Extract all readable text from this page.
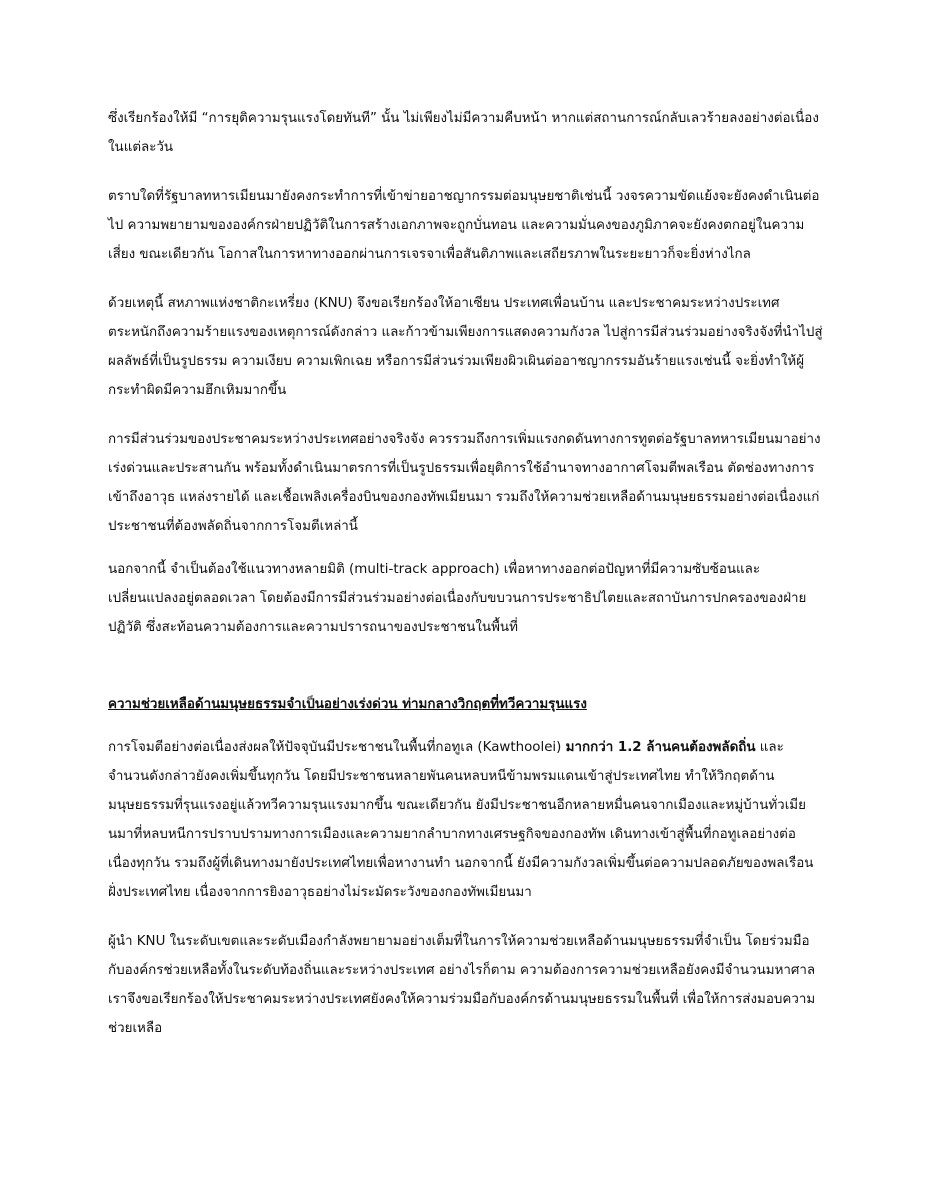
ซึ่งเรียกร้องให้มี “การยุติความรุนแรงโดยทันที” นั้น ไม่เพียงไม่มีความคืบหน้า หากแต่สถานการณ์กลับเลวร้ายลงอย่างต่อเนื่องในแต่ละวัน

ตราบใดที่รัฐบาลทหารเมียนมายังคงกระทำการที่เข้าข่ายอาชญากรรมต่อมนุษยชาติเช่นนี้ วงจรความขัดแย้งจะยังคงดำเนินต่อไป ความพยายามขององค์กรฝ่ายปฏิวัติในการสร้างเอกภาพจะถูกบั่นทอน และความมั่นคงของภูมิภาคจะยังคงตกอยู่ในความเสี่ยง ขณะเดียวกัน โอกาสในการหาทางออกผ่านการเจรจาเพื่อสันติภาพและเสถียรภาพในระยะยาวก็จะยิ่งห่างไกล

ด้วยเหตุนี้ สหภาพแห่งชาติกะเหรี่ยง (KNU) จึงขอเรียกร้องให้อาเซียน ประเทศเพื่อนบ้าน และประชาคมระหว่างประเทศ ตระหนักถึงความร้ายแรงของเหตุการณ์ดังกล่าว และก้าวข้ามเพียงการแสดงความกังวล ไปสู่การมีส่วนร่วมอย่างจริงจังที่นำไปสู่ผลลัพธ์ที่เป็นรูปธรรม ความเงียบ ความเพิกเฉย หรือการมีส่วนร่วมเพียงผิวเผินต่ออาชญากรรมอันร้ายแรงเช่นนี้ จะยิ่งทำให้ผู้กระทำผิดมีความฮึกเหิมมากขึ้น

การมีส่วนร่วมของประชาคมระหว่างประเทศอย่างจริงจัง ควรรวมถึงการเพิ่มแรงกดดันทางการทูตต่อรัฐบาลทหารเมียนมาอย่างเร่งด่วนและประสานกัน พร้อมทั้งดำเนินมาตรการที่เป็นรูปธรรมเพื่อยุติการใช้อำนาจทางอากาศโจมตีพลเรือน ตัดช่องทางการเข้าถึงอาวุธ แหล่งรายได้ และเชื้อเพลิงเครื่องบินของกองทัพเมียนมา รวมถึงให้ความช่วยเหลือด้านมนุษยธรรมอย่างต่อเนื่องแก่ประชาชนที่ต้องพลัดถิ่นจากการโจมตีเหล่านี้

นอกจากนี้ จำเป็นต้องใช้แนวทางหลายมิติ (multi-track approach) เพื่อหาทางออกต่อปัญหาที่มีความซับซ้อนและเปลี่ยนแปลงอยู่ตลอดเวลา โดยต้องมีการมีส่วนร่วมอย่างต่อเนื่องกับขบวนการประชาธิปไตยและสถาบันการปกครองของฝ่ายปฏิวัติ ซึ่งสะท้อนความต้องการและความปรารถนาของประชาชนในพื้นที่

ความช่วยเหลือด้านมนุษยธรรมจำเป็นอย่างเร่งด่วน ท่ามกลางวิกฤตที่ทวีความรุนแรง

การโจมตีอย่างต่อเนื่องส่งผลให้ปัจจุบันมีประชาชนในพื้นที่กอทูเล (Kawthoolei) มากกว่า 1.2 ล้านคนต้องพลัดถิ่น และจำนวนดังกล่าวยังคงเพิ่มขึ้นทุกวัน โดยมีประชาชนหลายพันคนหลบหนีข้ามพรมแดนเข้าสู่ประเทศไทย ทำให้วิกฤตด้านมนุษยธรรมที่รุนแรงอยู่แล้วทวีความรุนแรงมากขึ้น ขณะเดียวกัน ยังมีประชาชนอีกหลายหมื่นคนจากเมืองและหมู่บ้านทั่วเมียนมาที่หลบหนีการปราบปรามทางการเมืองและความยากลำบากทางเศรษฐกิจของกองทัพ เดินทางเข้าสู่พื้นที่กอทูเลอย่างต่อเนื่องทุกวัน รวมถึงผู้ที่เดินทางมายังประเทศไทยเพื่อหางานทำ นอกจากนี้ ยังมีความกังวลเพิ่มขึ้นต่อความปลอดภัยของพลเรือนฝั่งประเทศไทย เนื่องจากการยิงอาวุธอย่างไม่ระมัดระวังของกองทัพเมียนมา

ผู้นำ KNU ในระดับเขตและระดับเมืองกำลังพยายามอย่างเต็มที่ในการให้ความช่วยเหลือด้านมนุษยธรรมที่จำเป็น โดยร่วมมือกับองค์กรช่วยเหลือทั้งในระดับท้องถิ่นและระหว่างประเทศ อย่างไรก็ตาม ความต้องการความช่วยเหลือยังคงมีจำนวนมหาศาล เราจึงขอเรียกร้องให้ประชาคมระหว่างประเทศยังคงให้ความร่วมมือกับองค์กรด้านมนุษยธรรมในพื้นที่ เพื่อให้การส่งมอบความช่วยเหลือ
